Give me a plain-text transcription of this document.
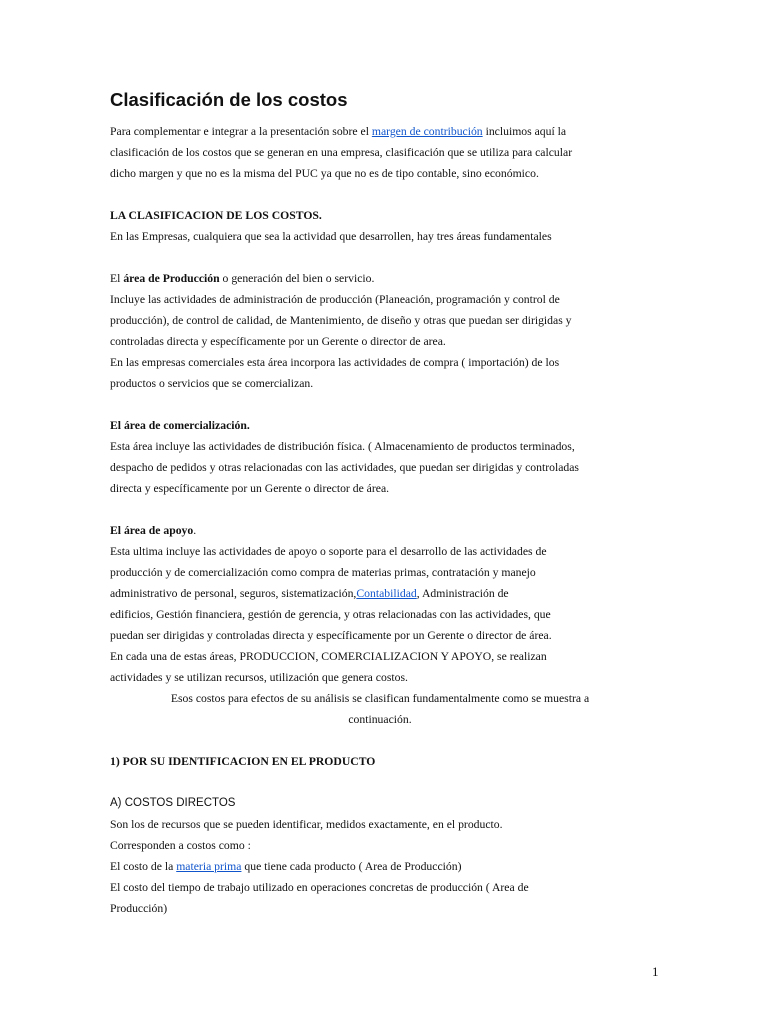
Clasificación de los costos

Para complementar e integrar a la presentación sobre el margen de contribución incluimos aquí la

clasificación de los costos que se generan en una empresa, clasificación que se utiliza para calcular

dicho margen y que no es la misma del PUC ya que no es de tipo contable, sino económico.

LA CLASIFICACION DE LOS COSTOS.

En las Empresas, cualquiera que sea la actividad que desarrollen, hay tres áreas fundamentales

El área de Producción o generación del bien o servicio.

Incluye las actividades de administración de producción (Planeación, programación y control de

producción), de control de calidad, de Mantenimiento, de diseño y otras que puedan ser dirigidas y

controladas directa y específicamente por un Gerente o director de area.

En las empresas comerciales esta área incorpora las actividades de compra ( importación) de los

productos o servicios que se comercializan.

El área de comercialización.

Esta área incluye las actividades de distribución física. ( Almacenamiento de productos terminados,

despacho de pedidos y otras relacionadas con las actividades, que puedan ser dirigidas y controladas

directa y específicamente por un Gerente o director de área.

El área de apoyo.

Esta ultima incluye las actividades de apoyo o soporte para el desarrollo de las actividades de

producción y de comercialización como compra de materias primas, contratación y manejo

administrativo de personal, seguros, sistematización,Contabilidad, Administración de

edificios, Gestión financiera, gestión de gerencia, y otras relacionadas con las actividades, que

puedan ser dirigidas y controladas directa y específicamente por un Gerente o director de área.

En cada una de estas áreas, PRODUCCION, COMERCIALIZACION Y APOYO, se realizan

actividades y se utilizan recursos, utilización que genera costos.

Esos costos para efectos de su análisis se clasifican fundamentalmente como se muestra a

continuación.

1) POR SU IDENTIFICACION EN EL PRODUCTO

A) COSTOS DIRECTOS

Son los de recursos que se pueden identificar, medidos exactamente, en el producto.

Corresponden a costos como :

El costo de la materia prima que tiene cada producto ( Area de Producción)

El costo del tiempo de trabajo utilizado en operaciones concretas de producción ( Area de

Producción)

1
